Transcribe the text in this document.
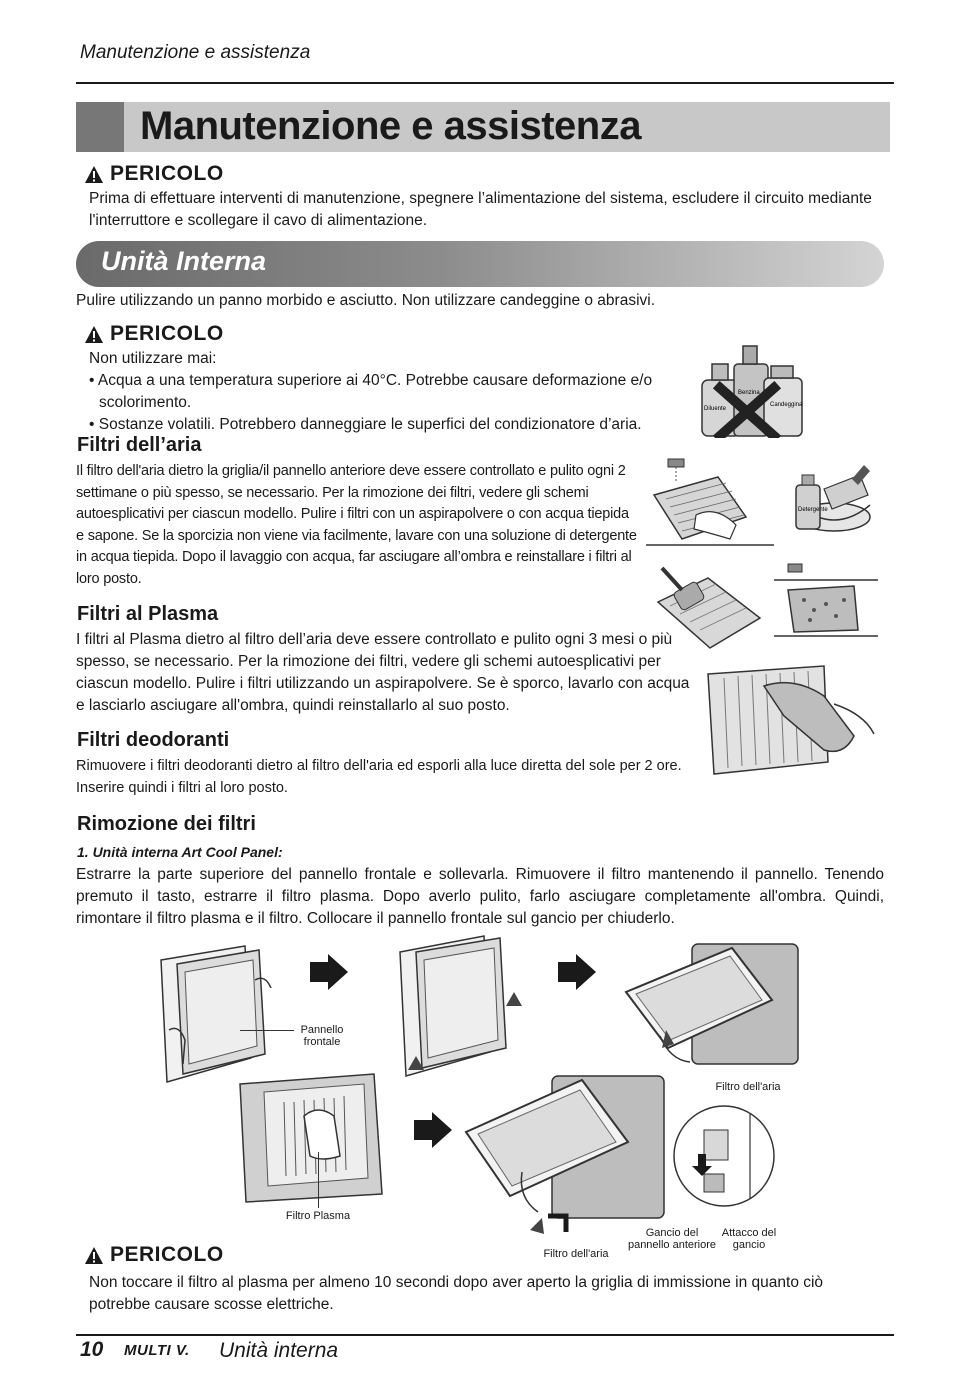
Manutenzione e assistenza
Manutenzione e assistenza
PERICOLO
Prima di effettuare interventi di manutenzione, spegnere l’alimentazione del sistema, escludere il circuito mediante l'interruttore e scollegare il cavo di alimentazione.
Unità Interna
Pulire utilizzando un panno morbido e asciutto. Non utilizzare candeggine o abrasivi.
PERICOLO
Non utilizzare mai:
• Acqua a una temperatura superiore ai 40°C. Potrebbe causare deformazione e/o scolorimento.
• Sostanze volatili. Potrebbero danneggiare le superfici del condizionatore d’aria.
Diluente
Benzina
Candeggina
Filtri dell’aria
Il filtro dell'aria dietro la griglia/il pannello anteriore deve essere controllato e pulito ogni 2 settimane o più spesso, se necessario. Per la rimozione dei filtri, vedere gli schemi autoesplicativi per ciascun modello. Pulire i filtri con un aspirapolvere o con acqua tiepida e sapone. Se la sporcizia non viene via facilmente, lavare con una soluzione di detergente in acqua tiepida. Dopo il lavaggio con acqua, far asciugare all’ombra e reinstallare i filtri al loro posto.
Detergente
Filtri al Plasma
I filtri al Plasma dietro al filtro dell’aria deve essere controllato e pulito ogni 3 mesi o più spesso, se necessario. Per la rimozione dei filtri, vedere gli schemi autoesplicativi per ciascun modello. Pulire i filtri utilizzando un aspirapolvere. Se è sporco, lavarlo con acqua e lasciarlo asciugare all'ombra, quindi reinstallarlo al suo posto.
Filtri deodoranti
Rimuovere i filtri deodoranti dietro al filtro dell'aria ed esporli alla luce diretta del sole per 2 ore. Inserire quindi i filtri al loro posto.
Rimozione dei filtri
1. Unità interna Art Cool Panel:
Estrarre la parte superiore del pannello frontale e sollevarla. Rimuovere il filtro mantenendo il pannello. Tenendo premuto il tasto, estrarre il filtro plasma. Dopo averlo pulito, farlo asciugare completamente all'ombra. Quindi, rimontare il filtro plasma e il filtro. Collocare il pannello frontale sul gancio per chiuderlo.
Pannello
frontale
Filtro dell'aria
Filtro Plasma
Filtro dell'aria
Gancio del
pannello anteriore
Attacco del
gancio
PERICOLO
Non toccare il filtro al plasma per almeno 10 secondi dopo aver aperto la griglia di immissione in quanto ciò potrebbe causare scosse elettriche.
10 MULTI V. Unità interna
